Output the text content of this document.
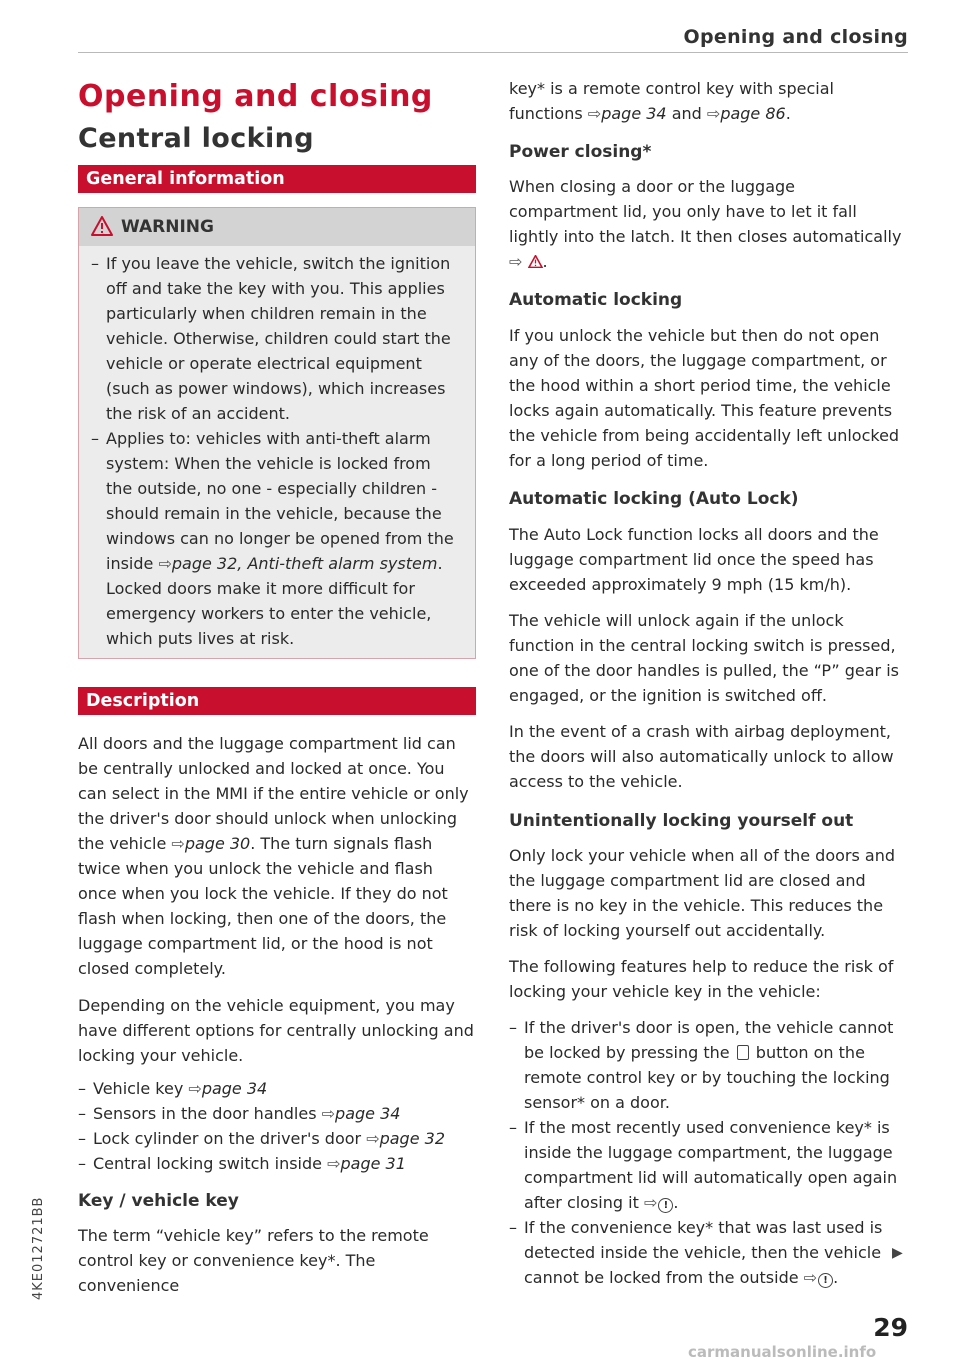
Opening and closing
Opening and closing
Central locking
General information
WARNING
– If you leave the vehicle, switch the ignition off and take the key with you. This applies particularly when children remain in the vehicle. Otherwise, children could start the vehicle or operate electrical equipment (such as power windows), which increases the risk of an accident.
– Applies to: vehicles with anti-theft alarm system: When the vehicle is locked from the outside, no one - especially children - should remain in the vehicle, because the windows can no longer be opened from the inside ⇨page 32, Anti-theft alarm system. Locked doors make it more difficult for emergency workers to enter the vehicle, which puts lives at risk.
Description

All doors and the luggage compartment lid can be centrally unlocked and locked at once. You can select in the MMI if the entire vehicle or only the driver's door should unlock when unlocking the vehicle ⇨page 30. The turn signals flash twice when you unlock the vehicle and flash once when you lock the vehicle. If they do not flash when locking, then one of the doors, the luggage compartment lid, or the hood is not closed completely.

Depending on the vehicle equipment, you may have different options for centrally unlocking and locking your vehicle.

– Vehicle key ⇨page 34
– Sensors in the door handles ⇨page 34
– Lock cylinder on the driver's door ⇨page 32
– Central locking switch inside ⇨page 31
Key / vehicle key

The term “vehicle key” refers to the remote control key or convenience key*. The convenience

key* is a remote control key with special functions ⇨page 34 and ⇨page 86.

Power closing*

When closing a door or the luggage compartment lid, you only have to let it fall lightly into the latch. It then closes automatically ⇨ .

Automatic locking

If you unlock the vehicle but then do not open any of the doors, the luggage compartment, or the hood within a short period time, the vehicle locks again automatically. This feature prevents the vehicle from being accidentally left unlocked for a long period of time.

Automatic locking (Auto Lock)

The Auto Lock function locks all doors and the luggage compartment lid once the speed has exceeded approximately 9 mph (15 km/h).

The vehicle will unlock again if the unlock function in the central locking switch is pressed, one of the door handles is pulled, the “P” gear is engaged, or the ignition is switched off.

In the event of a crash with airbag deployment, the doors will also automatically unlock to allow access to the vehicle.

Unintentionally locking yourself out

Only lock your vehicle when all of the doors and the luggage compartment lid are closed and there is no key in the vehicle. This reduces the risk of locking yourself out accidentally.

The following features help to reduce the risk of locking your vehicle key in the vehicle:

– If the driver's door is open, the vehicle cannot be locked by pressing the button on the remote control key or by touching the locking sensor* on a door.
– If the most recently used convenience key* is inside the luggage compartment, the luggage compartment lid will automatically open again after closing it ⇨ ! .
– If the convenience key* that was last used is detected inside the vehicle, then the vehicle cannot be locked from the outside ⇨ ! .
▶
29
4KE012721BB
carmanualsonline.info
